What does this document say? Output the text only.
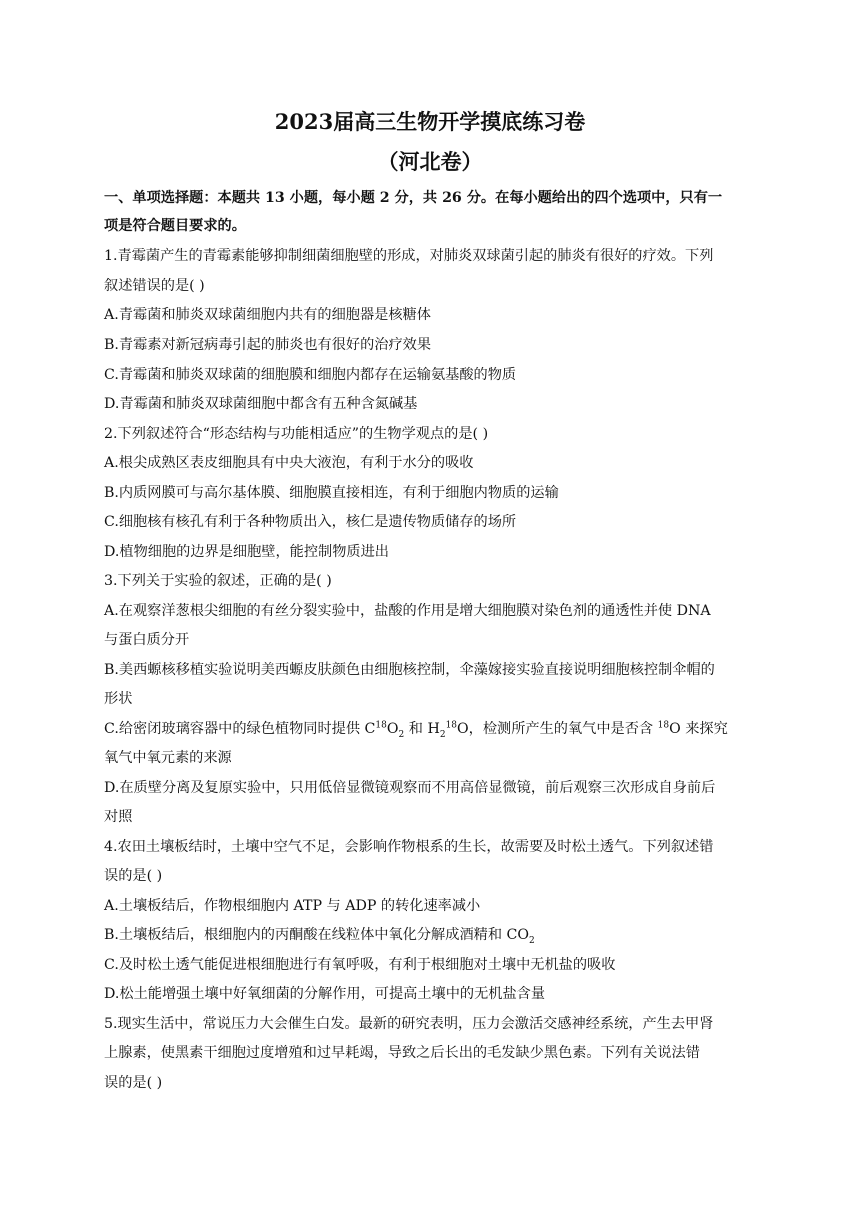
2023届高三生物开学摸底练习卷
（河北卷）
一、单项选择题：本题共 13 小题，每小题 2 分，共 26 分。在每小题给出的四个选项中，只有一
项是符合题目要求的。
1.青霉菌产生的青霉素能够抑制细菌细胞壁的形成，对肺炎双球菌引起的肺炎有很好的疗效。下列
叙述错误的是( )
A.青霉菌和肺炎双球菌细胞内共有的细胞器是核糖体
B.青霉素对新冠病毒引起的肺炎也有很好的治疗效果
C.青霉菌和肺炎双球菌的细胞膜和细胞内都存在运输氨基酸的物质
D.青霉菌和肺炎双球菌细胞中都含有五种含氮碱基
2.下列叙述符合“形态结构与功能相适应”的生物学观点的是( )
A.根尖成熟区表皮细胞具有中央大液泡，有利于水分的吸收
B.内质网膜可与高尔基体膜、细胞膜直接相连，有利于细胞内物质的运输
C.细胞核有核孔有利于各种物质出入，核仁是遗传物质储存的场所
D.植物细胞的边界是细胞壁，能控制物质进出
3.下列关于实验的叙述，正确的是( )
A.在观察洋葱根尖细胞的有丝分裂实验中，盐酸的作用是增大细胞膜对染色剂的通透性并使 DNA
与蛋白质分开
B.美西螈核移植实验说明美西螈皮肤颜色由细胞核控制，伞藻嫁接实验直接说明细胞核控制伞帽的
形状
C.给密闭玻璃容器中的绿色植物同时提供 $C^{18}O_2$ 和 $H_2^{18}O$，检测所产生的氧气中是否含 $^{18}$O 来探究
氧气中氧元素的来源
D.在质壁分离及复原实验中，只用低倍显微镜观察而不用高倍显微镜，前后观察三次形成自身前后
对照
4.农田土壤板结时，土壤中空气不足，会影响作物根系的生长，故需要及时松土透气。下列叙述错
误的是( )
A.土壤板结后，作物根细胞内 ATP 与 ADP 的转化速率减小
B.土壤板结后，根细胞内的丙酮酸在线粒体中氧化分解成酒精和 $CO_2$
C.及时松土透气能促进根细胞进行有氧呼吸，有利于根细胞对土壤中无机盐的吸收
D.松土能增强土壤中好氧细菌的分解作用，可提高土壤中的无机盐含量
5.现实生活中，常说压力大会催生白发。最新的研究表明，压力会激活交感神经系统，产生去甲肾
上腺素，使黑素干细胞过度增殖和过早耗竭，导致之后长出的毛发缺少黑色素。下列有关说法错
误的是( )
